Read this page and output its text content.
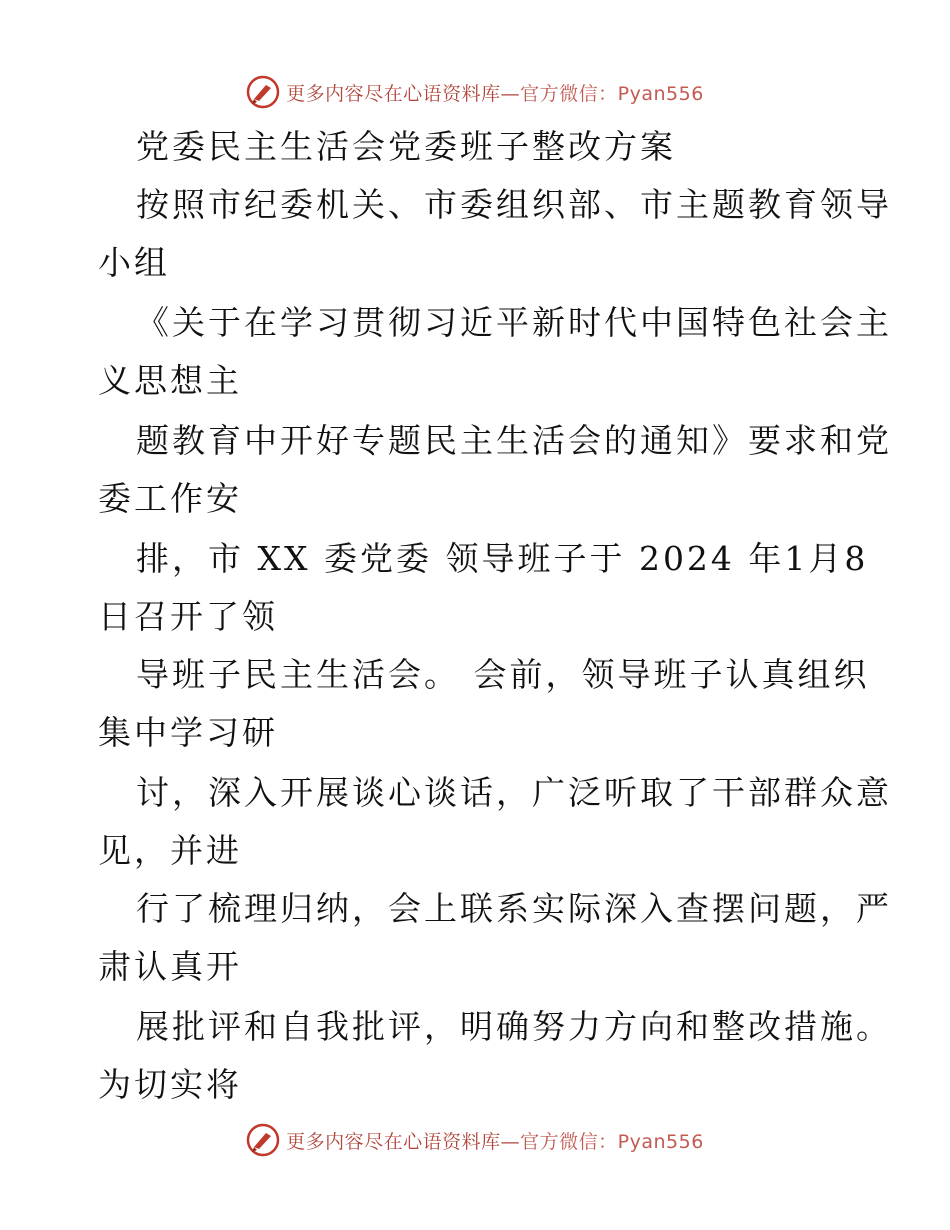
更多内容尽在心语资料库—官方微信：Pyan556
党委民主生活会党委班子整改方案
按照市纪委机关、市委组织部、市主题教育领导
小组
《关于在学习贯彻习近平新时代中国特色社会主
义思想主
题教育中开好专题民主生活会的通知》要求和党
委工作安
排，市 XX 委党委 领导班子于 2024 年1月8
日召开了领
导班子民主生活会。 会前，领导班子认真组织
集中学习研
讨，深入开展谈心谈话，广泛听取了干部群众意
见，并进
行了梳理归纳，会上联系实际深入查摆问题，严
肃认真开
展批评和自我批评，明确努力方向和整改措施。
为切实将
更多内容尽在心语资料库—官方微信：Pyan556
